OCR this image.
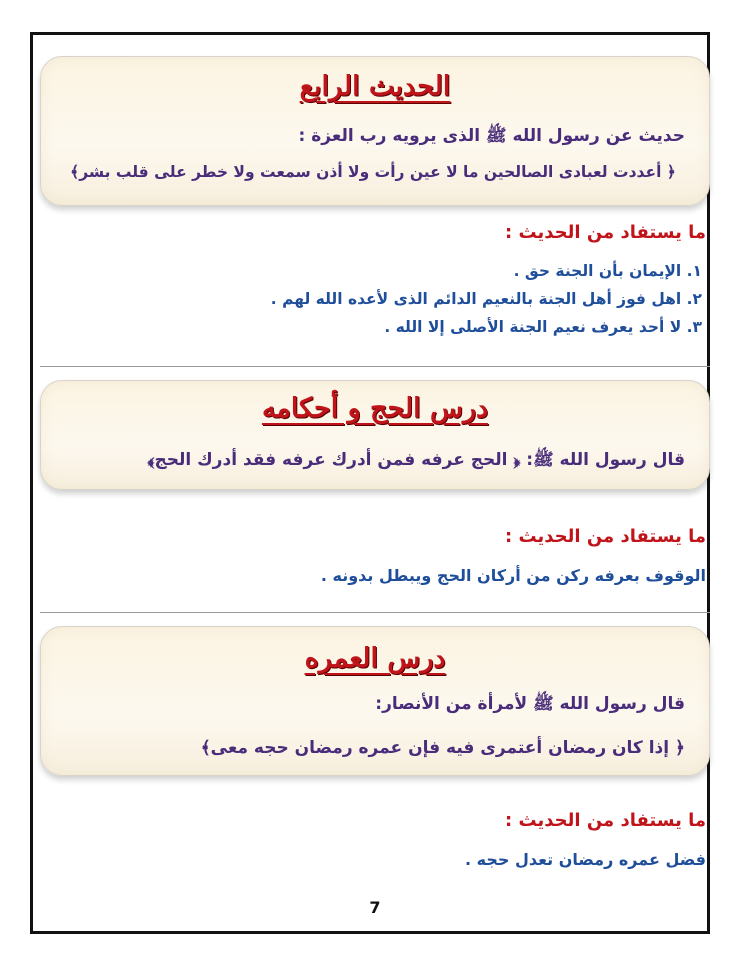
الحديث الرابع
حديث عن رسول الله ﷺ الذى يرويه رب العزة :
﴿ أعددت لعبادى الصالحين ما لا عين رأت ولا أذن سمعت ولا خطر على قلب بشر﴾
ما يستفاد من الحديث :
١. الإيمان بأن الجنة حق .
٢. اهل فوز أهل الجنة بالنعيم الدائم الذى لأعده الله لهم .
٣. لا أحد يعرف نعيم الجنة الأصلى إلا الله .
درس الحج و أحكامه
قال رسول الله ﷺ: ﴿ الحج عرفه فمن أدرك عرفه فقد أدرك الحج﴾
ما يستفاد من الحديث :
الوقوف بعرفه ركن من أركان الحج ويبطل بدونه .
درس العمره
قال رسول الله ﷺ لأمرأة من الأنصار:
﴿ إذا كان رمضان أعتمرى فيه فإن عمره رمضان حجه معى﴾
ما يستفاد من الحديث :
فضل عمره رمضان تعدل حجه .
7
